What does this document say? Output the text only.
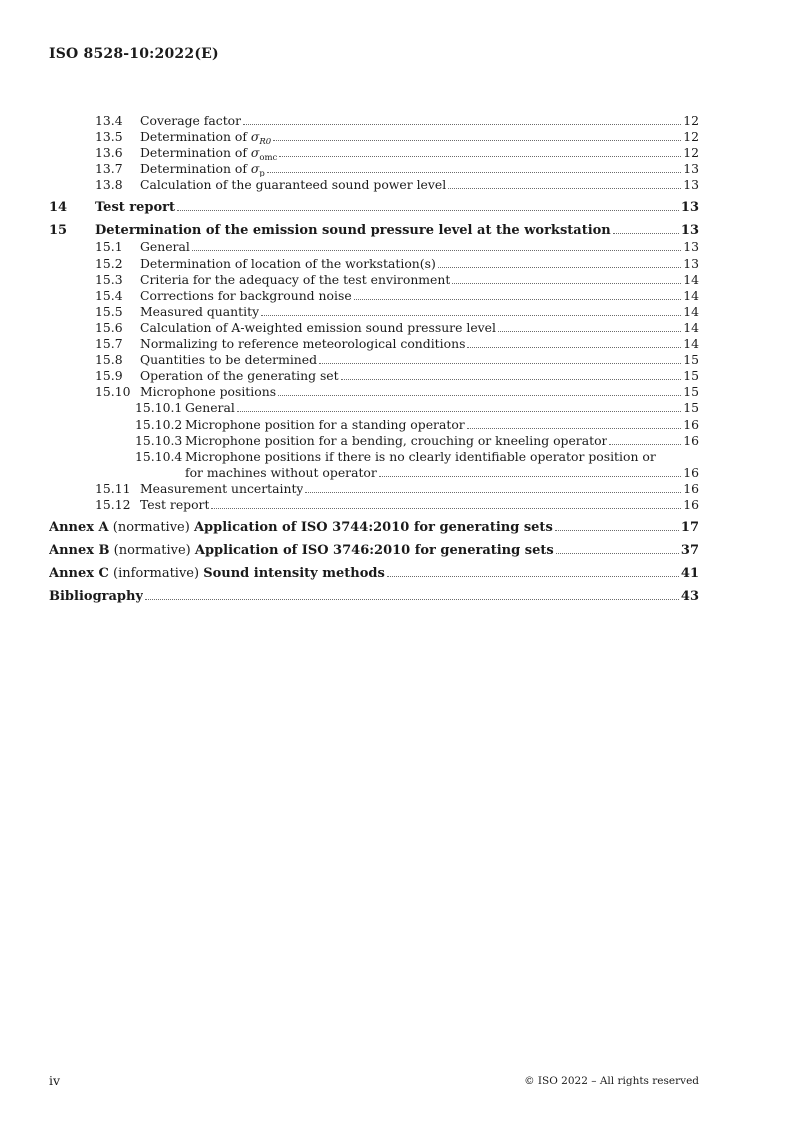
ISO 8528-10:2022(E)
13.4	Coverage factor	12
13.5	Determination of $\sigma_{R0}$	12
13.6	Determination of $\sigma_{omc}$	12
13.7	Determination of $\sigma_p$	13
13.8	Calculation of the guaranteed sound power level	13
14	Test report	13
15	Determination of the emission sound pressure level at the workstation	13
15.1	General	13
15.2	Determination of location of the workstation(s)	13
15.3	Criteria for the adequacy of the test environment	14
15.4	Corrections for background noise	14
15.5	Measured quantity	14
15.6	Calculation of A-weighted emission sound pressure level	14
15.7	Normalizing to reference meteorological conditions	14
15.8	Quantities to be determined	15
15.9	Operation of the generating set	15
15.10 Microphone positions	15
15.10.1 General	15
15.10.2 Microphone position for a standing operator	16
15.10.3 Microphone position for a bending, crouching or kneeling operator	16
15.10.4 Microphone positions if there is no clearly identifiable operator position or
for machines without operator	16
15.11 Measurement uncertainty	16
15.12 Test report	16
Annex A (normative) Application of ISO 3744:2010 for generating sets	17
Annex B (normative) Application of ISO 3746:2010 for generating sets	37
Annex C (informative) Sound intensity methods	41
Bibliography	43
iv	© ISO 2022 – All rights reserved
